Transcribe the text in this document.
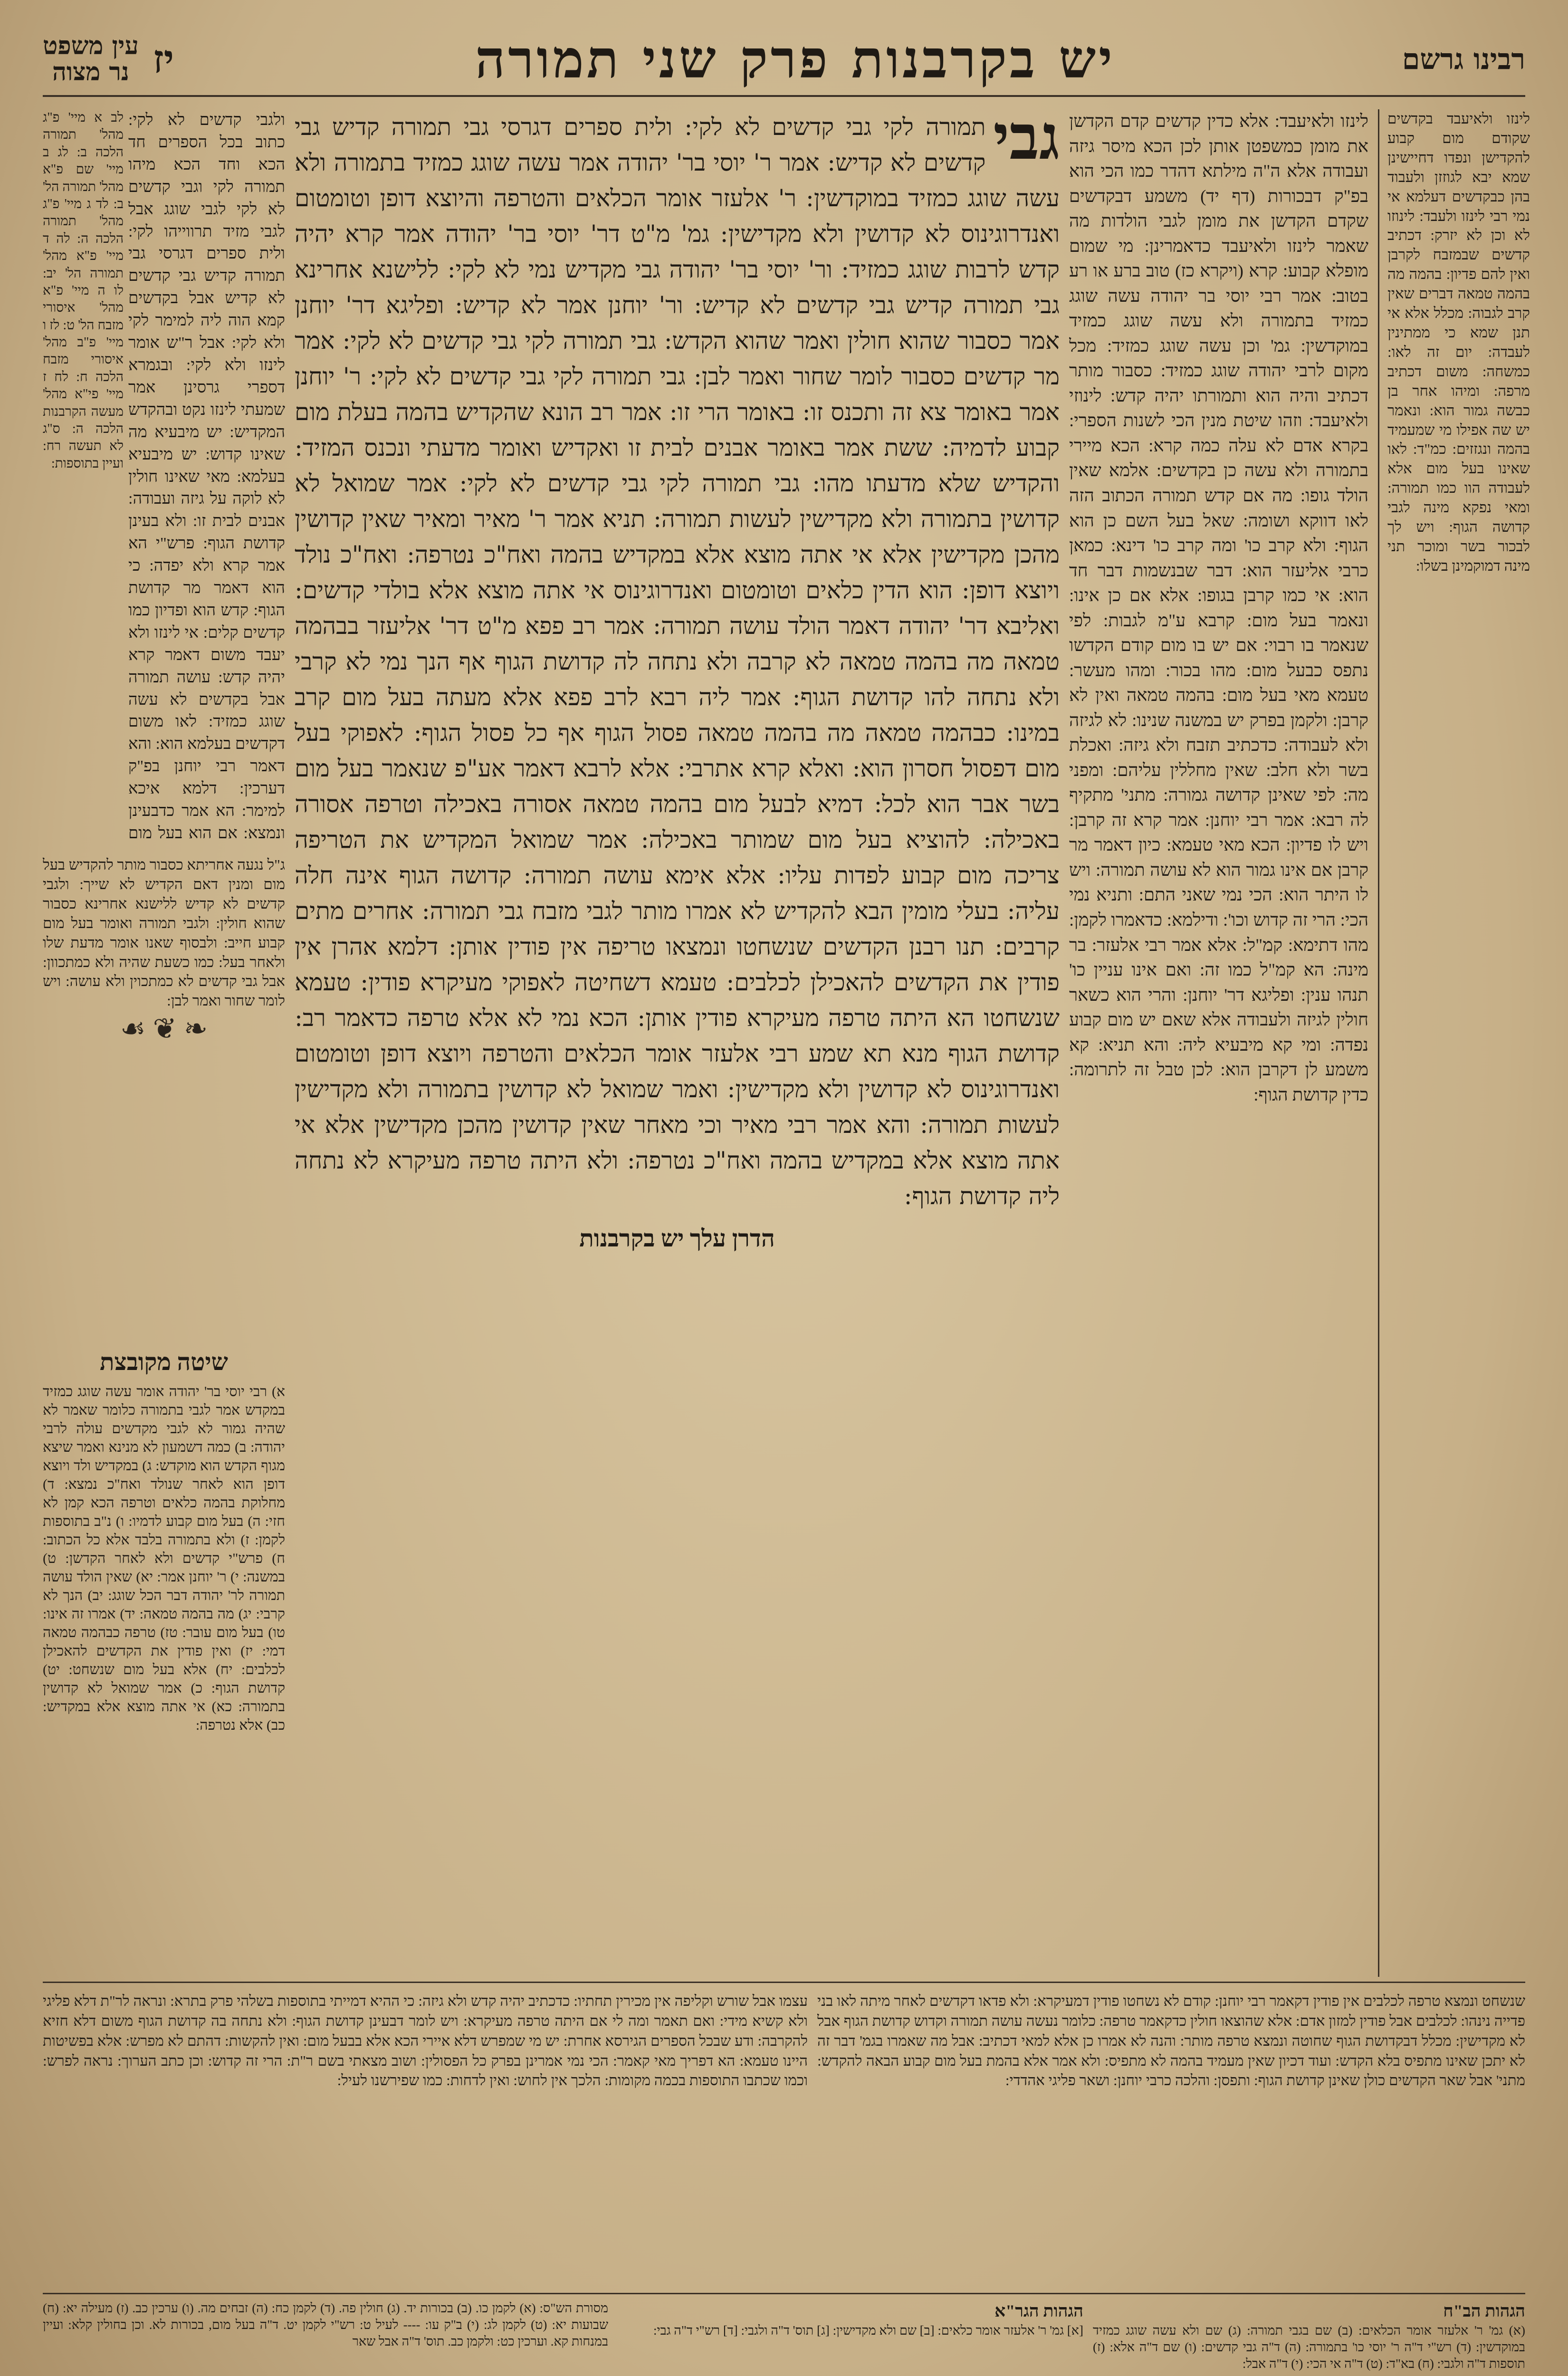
רבינו גרשם
יש בקרבנות פרק שני תמורה
יז
עין משפט
נר מצוה

לינזו ולאיעבד בקדשים שקודם מום קבוע להקדישן ונפדו דחיישינן שמא יבא לגוזזן ולעבוד בהן כבקדשים דעלמא אי נמי רבי לינזו ולעבד: לינוזו לא וכן לא יזרק: דכתיב קדשים שבמזבח לקרבן ואין להם פדיון: בהמה מה בהמה טמאה דברים שאין קרב לגבוה: מכלל אלא אי תנן שמא כי ממתינין לעבדה: יום זה לאו: כמשחה: משום דכתיב מרפה: ומיהו אחר בן כבשה גמור הוא: ונאמר יש שה אפילו מי שמעמיד בהמה ונגזזים: כמ"ד: לאו שאינו בעל מום אלא לעבודה הוו כמו תמורה: ומאי נפקא מינה לגבי קדושה הגוף: ויש לך לבכור בשר ומוכר תני מינה דמוקמינן בשלו:

לינזו ולאיעבד: אלא כדין קדשים קדם הקדשן את מומן כמשפטן אותן לכן הכא מיסר גיזה ועבודה אלא ה"ה מילתא דהדר כמו הכי הוא בפ"ק דבכורות (דף יד) משמע דבקדשים שקדם הקדשן את מומן לגבי הולדות מה שאמר לינזו ולאיעבד כדאמרינן: מי שמום מופלא קבוע: קרא (ויקרא כז) טוב ברע או רע בטוב: אמר רבי יוסי בר יהודה עשה שוגג כמזיד בתמורה ולא עשה שוגג כמזיד במוקדשין: גמ' וכן עשה שוגג כמזיד: מכל מקום לרבי יהודה שוגג כמזיד: כסבור מותר דכתיב והיה הוא ותמורתו יהיה קדש: לינוזי ולאיעבד: וזהו שיטת מנין הכי לשנות הספרי: בקרא אדם לא עלה כמה קרא: הכא מיירי בתמורה ולא עשה כן בקדשים: אלמא שאין הולד גופו: מה אם קדש תמורה הכתוב הזה לאו דווקא ושומה: שאל בעל השם כן הוא הגוף: ולא קרב כו' ומה קרב כו' דינא: כמאן כרבי אליעזר הוא: דבר שבנשמות דבר חד הוא: אי כמו קרבן בגופו: אלא אם כן אינו: ונאמר בעל מום: קרבא ע"מ לגבות: לפי שנאמר בו רבוי: אם יש בו מום קודם הקדשו נתפס כבעל מום: מהו בכור: ומהו מעשר: טעמא מאי בעל מום: בהמה טמאה ואין לא קרבן: ולקמן בפרק יש במשנה שנינו: לא לגיזה ולא לעבודה: כדכתיב תזבח ולא גיזה: ואכלת בשר ולא חלב: שאין מחללין עליהם: ומפני מה: לפי שאינן קדושה גמורה: מתני' מתקיף לה רבא: אמר רבי יוחנן: אמר קרא זה קרבן: ויש לו פדיון: הכא מאי טעמא: כיון דאמר מר קרבן אם אינו גמור הוא לא עושה תמורה: ויש לו היתר הוא: הכי נמי שאני התם: ותניא נמי הכי: הרי זה קדוש וכו': ודילמא: כדאמרו לקמן: מהו דתימא: קמ"ל: אלא אמר רבי אלעזר: בר מינה: הא קמ"ל כמו זה: ואם אינו עניין כו' תנהו ענין: ופליגא דר' יוחנן: והרי הוא כשאר חולין לגיזה ולעבודה אלא שאם יש מום קבוע נפדה: ומי קא מיבעיא ליה: והא תניא: קא משמע לן דקרבן הוא: לכן טבל זה לתרומה: כדין קדושת הגוף:

גבי

תמורה לקי גבי קדשים לא לקי: ולית ספרים דגרסי גבי תמורה קדיש גבי קדשים לא קדיש: אמר ר' יוסי בר' יהודה אמר עשה שוגג כמזיד בתמורה ולא עשה שוגג כמזיד במוקדשין: ר' אלעזר אומר הכלאים והטרפה והיוצא דופן וטומטום ואנדרוגינוס לא קדושין ולא מקדישין: גמ' מ"ט דר' יוסי בר' יהודה אמר קרא יהיה קדש לרבות שוגג כמזיד: ור' יוסי בר' יהודה גבי מקדיש נמי לא לקי: ללישנא אחרינא גבי תמורה קדיש גבי קדשים לא קדיש: ור' יוחנן אמר לא קדיש: ופליגא דר' יוחנן אמר כסבור שהוא חולין ואמר שהוא הקדש: גבי תמורה לקי גבי קדשים לא לקי: אמר מר קדשים כסבור לומר שחור ואמר לבן: גבי תמורה לקי גבי קדשים לא לקי: ר' יוחנן אמר באומר צא זה ותכנס זו: באומר הרי זו: אמר רב הונא שהקדיש בהמה בעלת מום קבוע לדמיה: ששת אמר באומר אבנים לבית זו ואקדיש ואומר מדעתי ונכנס המזיד: והקדיש שלא מדעתו מהו: גבי תמורה לקי גבי קדשים לא לקי: אמר שמואל לא קדושין בתמורה ולא מקדישין לעשות תמורה: תניא אמר ר' מאיר ומאיר שאין קדושין מהכן מקדישין אלא אי אתה מוצא אלא במקדיש בהמה ואח"כ נטרפה: ואח"כ נולד ויוצא דופן: הוא הדין כלאים וטומטום ואנדרוגינוס אי אתה מוצא אלא בולדי קדשים: ואליבא דר' יהודה דאמר הולד עושה תמורה: אמר רב פפא מ"ט דר' אליעזר בבהמה טמאה מה בהמה טמאה לא קרבה ולא נתחה לה קדושת הגוף אף הנך נמי לא קרבי ולא נתחה להו קדושת הגוף: אמר ליה רבא לרב פפא אלא מעתה בעל מום קרב במינו: כבהמה טמאה מה בהמה טמאה פסול הגוף אף כל פסול הגוף: לאפוקי בעל מום דפסול חסרון הוא: ואלא קרא אתרבי: אלא לרבא דאמר אע"פ שנאמר בעל מום בשר אבר הוא לכל: דמיא לבעל מום בהמה טמאה אסורה באכילה וטרפה אסורה באכילה: להוציא בעל מום שמותר באכילה: אמר שמואל המקדיש את הטריפה צריכה מום קבוע לפדות עליו: אלא אימא עושה תמורה: קדושה הגוף אינה חלה עליה: בעלי מומין הבא להקדיש לא אמרו מותר לגבי מזבח גבי תמורה: אחרים מתים קרבים: תנו רבנן הקדשים שנשחטו ונמצאו טריפה אין פודין אותן: דלמא אהרן אין פודין את הקדשים להאכילן לכלבים: טעמא דשחיטה לאפוקי מעיקרא פודין: טעמא שנשחטו הא היתה טרפה מעיקרא פודין אותן: הכא נמי לא אלא טרפה כדאמר רב: קדושת הגוף מנא תא שמע רבי אלעזר אומר הכלאים והטרפה ויוצא דופן וטומטום ואנדרוגינוס לא קדושין ולא מקדישין: ואמר שמואל לא קדושין בתמורה ולא מקדישין לעשות תמורה: והא אמר רבי מאיר וכי מאחר שאין קדושין מהכן מקדישין אלא אי אתה מוצא אלא במקדיש בהמה ואח"כ נטרפה: ולא היתה טרפה מעיקרא לא נתחה ליה קדושת הגוף:

הדרן עלך יש בקרבנות

ולגבי קדשים לא לקי: כתוב בכל הספרים חד הכא וחד הכא מיהו תמורה לקי וגבי קדשים לא לקי לגבי שוגג אבל לגבי מזיד תרווייהו לקי: ולית ספרים דגרסי גבי תמורה קדיש גבי קדשים לא קדיש אבל בקדשים קמא הוה ליה למימר לקי ולא לקי: אבל ר"ש אומר לינזו ולא לקי: ובגמרא דספרי גרסינן אמר שמעתי לינזו נקט ובהקדש המקדיש: יש מיבעיא מה שאינו קדוש: יש מיבעיא בעלמא: מאי שאינו חולין לא לוקה על גיזה ועבודה: אבנים לבית זו: ולא בעינן קדושת הגוף: פרש"י הא אמר קרא ולא יפדה: כי הוא דאמר מר קדושת הגוף: קדש הוא ופדיון כמו קדשים קלים: אי לינזו ולא יעבד משום דאמר קרא יהיה קדש: עושה תמורה אבל בקדשים לא עשה שוגג כמזיד: לאו משום דקדשים בעלמא הוא: והא דאמר רבי יוחנן בפ"ק דערכין: דלמא איכא למימר: הא אמר כדבעינן ונמצא: אם הוא בעל מום

לב א מיי' פ"ג מהל' תמורה הלכה ב: לג ב מיי' שם פ"א מהל' תמורה הל' ב: לד ג מיי' פ"ג מהל' תמורה הלכה ה: לה ד מיי' פ"א מהל' תמורה הל' יב: לו ה מיי' פ"א מהל' איסורי מזבח הל' ט: לז ו מיי' פ"ב מהל' איסורי מזבח הלכה ח: לח ז מיי' פי"א מהל' מעשה הקרבנות הלכה ה: ס"ג לא תעשה רח: ועיין בתוספות:

ג"ל נגעה אחריתא כסבור מותר להקדיש בעל מום ומנין דאם הקדיש לא שייך: ולגבי קדשים לא קדיש ללישנא אחרינא כסבור שהוא חולין: ולגבי תמורה ואומר בעל מום קבוע חייב: ולבסוף שאנו אומר מדעת שלו ולאחר בעל: כמו כשעת שהיה ולא כמתכוון: אבל גבי קדשים לא כמתכוין ולא עושה: ויש לומר שחור ואמר לבן:

❧ ❦ ☙
שיטה מקובצת

א) רבי יוסי בר' יהודה אומר עשה שוגג כמזיד במקדש אמר לגבי בתמורה כלומר שאמר לא שהיה גמור לא לגבי מקדשים עולה לרבי יהודה: ב) כמה דשמעון לא מנינא ואמר שיצא מגוף הקדש הוא מוקדש: ג) במקדיש ולד ויוצא דופן הוא לאחר שנולד ואח"כ נמצא: ד) מחלוקת בהמה כלאים וטרפה הכא קמן לא חזי: ה) בעל מום קבוע לדמיו: ו) נ"ב בתוספות לקמן: ז) ולא בתמורה בלבד אלא כל הכתוב: ח) פרש"י קדשים ולא לאחר הקדשן: ט) במשנה: י) ר' יוחנן אמר: יא) שאין הולד עושה תמורה לר' יהודה דבר הכל שוגג: יב) הנך לא קרבי: יג) מה בהמה טמאה: יד) אמרו זה אינו: טו) בעל מום עובר: טז) טרפה כבהמה טמאה דמי: יז) ואין פודין את הקדשים להאכילן לכלבים: יח) אלא בעל מום שנשחט: יט) קדושת הגוף: כ) אמר שמואל לא קדושין בתמורה: כא) אי אתה מוצא אלא במקדיש: כב) אלא נטרפה:

שנשחט ונמצא טרפה לכלבים אין פודין דקאמר רבי יוחנן: קודם לא נשחטו פודין דמעיקרא: ולא פדאו דקדשים לאחר מיתה לאו בני פדייה נינהו: לכלבים אבל פודין למזון אדם: אלא שהוצאו חולין כדקאמר טרפה: כלומר נעשה עושה תמורה וקדוש קדושת הגוף אבל לא מקדישין: מכלל דבקדושת הגוף שחוטה ונמצא טרפה מותר: והנה לא אמרו כן אלא למאי דכתיב: אבל מה שאמרו בגמ' דבר זה לא יתכן שאינו מתפיס בלא הקדש: ועוד דכיון שאין מעמיד בהמה לא מתפיס: ולא אמר אלא בהמת בעל מום קבוע הבאה להקדש: מתני' אבל שאר הקדשים כולן שאינן קדושת הגוף: ותפסן: והלכה כרבי יוחנן: ושאר פליגי אהדדי:

עצמו אבל שורש וקליפה אין מכירין תחתיו: כדכתיב יהיה קדש ולא גיזה: כי ההיא דמייתי בתוספות בשלהי פרק בתרא: ונראה לר"ת דלא פליגי ולא קשיא מידי: ואם תאמר ומה לי אם היתה טרפה מעיקרא: ויש לומר דבעינן קדושת הגוף: ולא נתחה בה קדושת הגוף משום דלא חזיא להקרבה: ודע שבכל הספרים הגירסא אחרת: יש מי שמפרש דלא איירי הכא אלא בבעל מום: ואין להקשות: דהתם לא מפרש: אלא בפשיטות היינו טעמא: הא דפריך מאי קאמר: הכי נמי אמרינן בפרק כל הפסולין: ושוב מצאתי בשם ר"ת: הרי זה קדוש: וכן כתב הערוך: נראה לפרש: וכמו שכתבו התוספות בכמה מקומות: הלכך אין לחוש: ואין לדחות: כמו שפירשנו לעיל:

הגהות הב"ח

(א) גמ' ר' אלעזר אומר הכלאים: (ב) שם בגבי תמורה: (ג) שם ולא עשה שוגג כמזיד במוקדשין: (ד) רש"י ד"ה ר' יוסי כו' בתמורה: (ה) ד"ה גבי קדשים: (ו) שם ד"ה אלא: (ז) תוספות ד"ה ולגבי: (ח) בא"ד: (ט) ד"ה אי הכי: (י) ד"ה אבל:

הגהות הגר"א

[א] גמ' ר' אלעזר אומר כלאים: [ב] שם ולא מקדישין: [ג] תוס' ד"ה ולגבי: [ד] רש"י ד"ה גבי:

מסורת הש"ס: (א) לקמן כו. (ב) בכורות יד. (ג) חולין פה. (ד) לקמן כח: (ה) זבחים מה. (ו) ערכין כב. (ז) מעילה יא: (ח) שבועות יא: (ט) לקמן לג: (י) ב"ק עו: ---- לעיל ט: רש"י לקמן יט. ד"ה בעל מום, בכורות לא. וכן בחולין קלא: ועיין במנחות קא. וערכין כט: ולקמן כב. תוס' ד"ה אבל שאר
